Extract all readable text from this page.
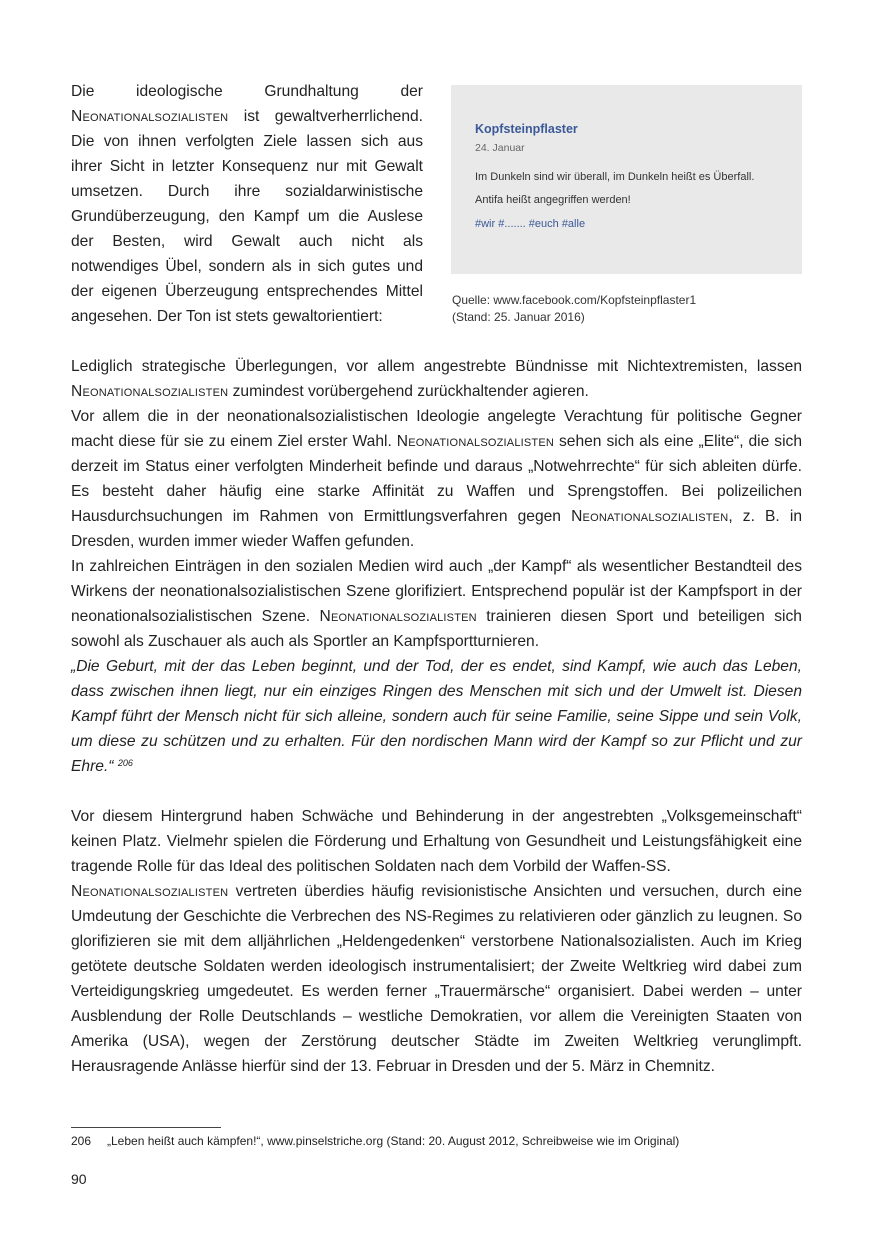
Die ideologische Grundhaltung der Neonationalsozialisten ist gewaltverherrlichend. Die von ihnen verfolgten Ziele lassen sich aus ihrer Sicht in letzter Konsequenz nur mit Gewalt umsetzen. Durch ihre sozialdarwinistische Grundüberzeugung, den Kampf um die Auslese der Besten, wird Gewalt auch nicht als notwendiges Übel, sondern als in sich gutes und der eigenen Überzeugung entsprechendes Mittel angesehen. Der Ton ist stets gewaltorientiert:

Kopfsteinpflaster
24. Januar
Im Dunkeln sind wir überall, im Dunkeln heißt es Überfall.
Antifa heißt angegriffen werden!
#wir #....... #euch #alle
Quelle: www.facebook.com/Kopfsteinpflaster1
(Stand: 25. Januar 2016)

Lediglich strategische Überlegungen, vor allem angestrebte Bündnisse mit Nichtextremisten, lassen Neonationalsozialisten zumindest vorübergehend zurückhaltender agieren.

Vor allem die in der neonationalsozialistischen Ideologie angelegte Verachtung für politische Gegner macht diese für sie zu einem Ziel erster Wahl. Neonationalsozialisten sehen sich als eine „Elite“, die sich derzeit im Status einer verfolgten Minderheit befinde und daraus „Notwehrrechte“ für sich ableiten dürfe. Es besteht daher häufig eine starke Affinität zu Waffen und Sprengstoffen. Bei polizeilichen Hausdurchsuchungen im Rahmen von Ermittlungsverfahren gegen Neonationalsozialisten, z. B. in Dresden, wurden immer wieder Waffen gefunden.

In zahlreichen Einträgen in den sozialen Medien wird auch „der Kampf“ als wesentlicher Bestandteil des Wirkens der neonationalsozialistischen Szene glorifiziert. Entsprechend populär ist der Kampfsport in der neonationalsozialistischen Szene. Neonationalsozialisten trainieren diesen Sport und beteiligen sich sowohl als Zuschauer als auch als Sportler an Kampfsportturnieren.

„Die Geburt, mit der das Leben beginnt, und der Tod, der es endet, sind Kampf, wie auch das Leben, dass zwischen ihnen liegt, nur ein einziges Ringen des Menschen mit sich und der Umwelt ist. Diesen Kampf führt der Mensch nicht für sich alleine, sondern auch für seine Familie, seine Sippe und sein Volk, um diese zu schützen und zu erhalten. Für den nordischen Mann wird der Kampf so zur Pflicht und zur Ehre.“ $^{206}$

Vor diesem Hintergrund haben Schwäche und Behinderung in der angestrebten „Volksgemeinschaft“ keinen Platz. Vielmehr spielen die Förderung und Erhaltung von Gesundheit und Leistungsfähigkeit eine tragende Rolle für das Ideal des politischen Soldaten nach dem Vorbild der Waffen-SS.

Neonationalsozialisten vertreten überdies häufig revisionistische Ansichten und versuchen, durch eine Umdeutung der Geschichte die Verbrechen des NS-Regimes zu relativieren oder gänzlich zu leugnen. So glorifizieren sie mit dem alljährlichen „Heldengedenken“ verstorbene Nationalsozialisten. Auch im Krieg getötete deutsche Soldaten werden ideologisch instrumentalisiert; der Zweite Weltkrieg wird dabei zum Verteidigungskrieg umgedeutet. Es werden ferner „Trauermärsche“ organisiert. Dabei werden – unter Ausblendung der Rolle Deutschlands – westliche Demokratien, vor allem die Vereinigten Staaten von Amerika (USA), wegen der Zerstörung deutscher Städte im Zweiten Weltkrieg verunglimpft. Herausragende Anlässe hierfür sind der 13. Februar in Dresden und der 5. März in Chemnitz.

206 „Leben heißt auch kämpfen!“, www.pinselstriche.org (Stand: 20. August 2012, Schreibweise wie im Original)
90
